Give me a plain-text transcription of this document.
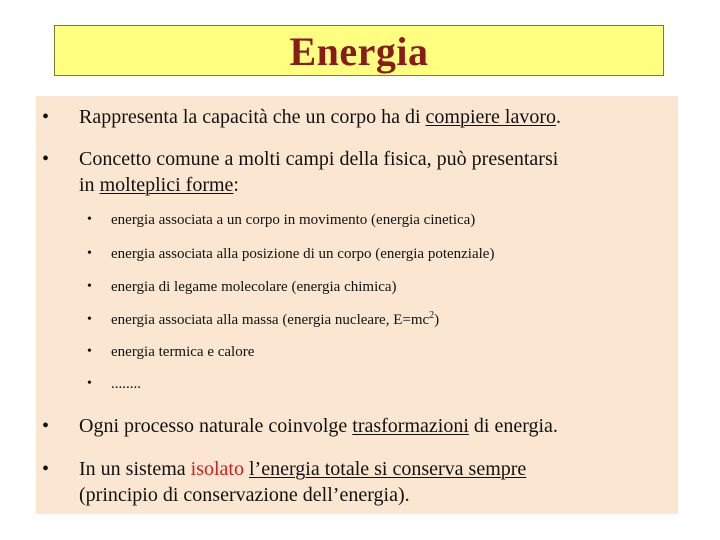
Energia
• Rappresenta la capacità che un corpo ha di compiere lavoro.
• Concetto comune a molti campi della fisica, può presentarsi
in molteplici forme:
• energia associata a un corpo in movimento (energia cinetica)
• energia associata alla posizione di un corpo (energia potenziale)
• energia di legame molecolare (energia chimica)
• energia associata alla massa (energia nucleare, $E=mc^2$)
• energia termica e calore
• ........
• Ogni processo naturale coinvolge trasformazioni di energia.
• In un sistema isolato l’energia totale si conserva sempre
(principio di conservazione dell’energia).
